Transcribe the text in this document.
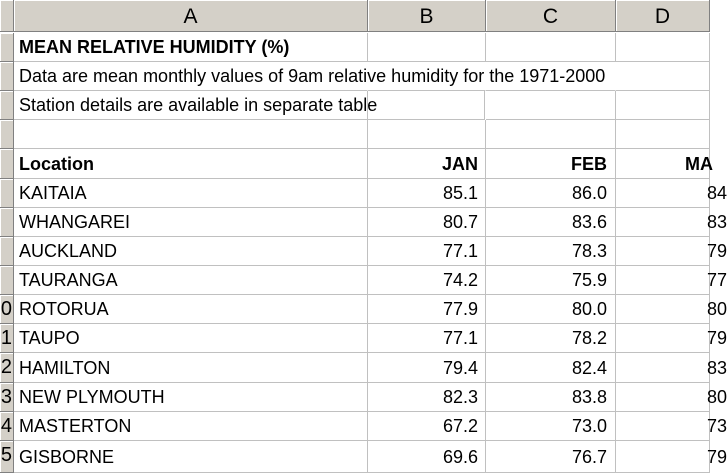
A	B	C	D
0
1
2
3
4
5
MEAN RELATIVE HUMIDITY (%)
Data are mean monthly values of 9am relative humidity for the 1971-2000
Station details are available in separate table
Location	JAN	FEB	MA
KAITAIA	85.1	86.0	84
WHANGAREI	80.7	83.6	83
AUCKLAND	77.1	78.3	79
TAURANGA	74.2	75.9	77
ROTORUA	77.9	80.0	80
TAUPO	77.1	78.2	79
HAMILTON	79.4	82.4	83
NEW PLYMOUTH	82.3	83.8	80
MASTERTON	67.2	73.0	73
GISBORNE	69.6	76.7	79
